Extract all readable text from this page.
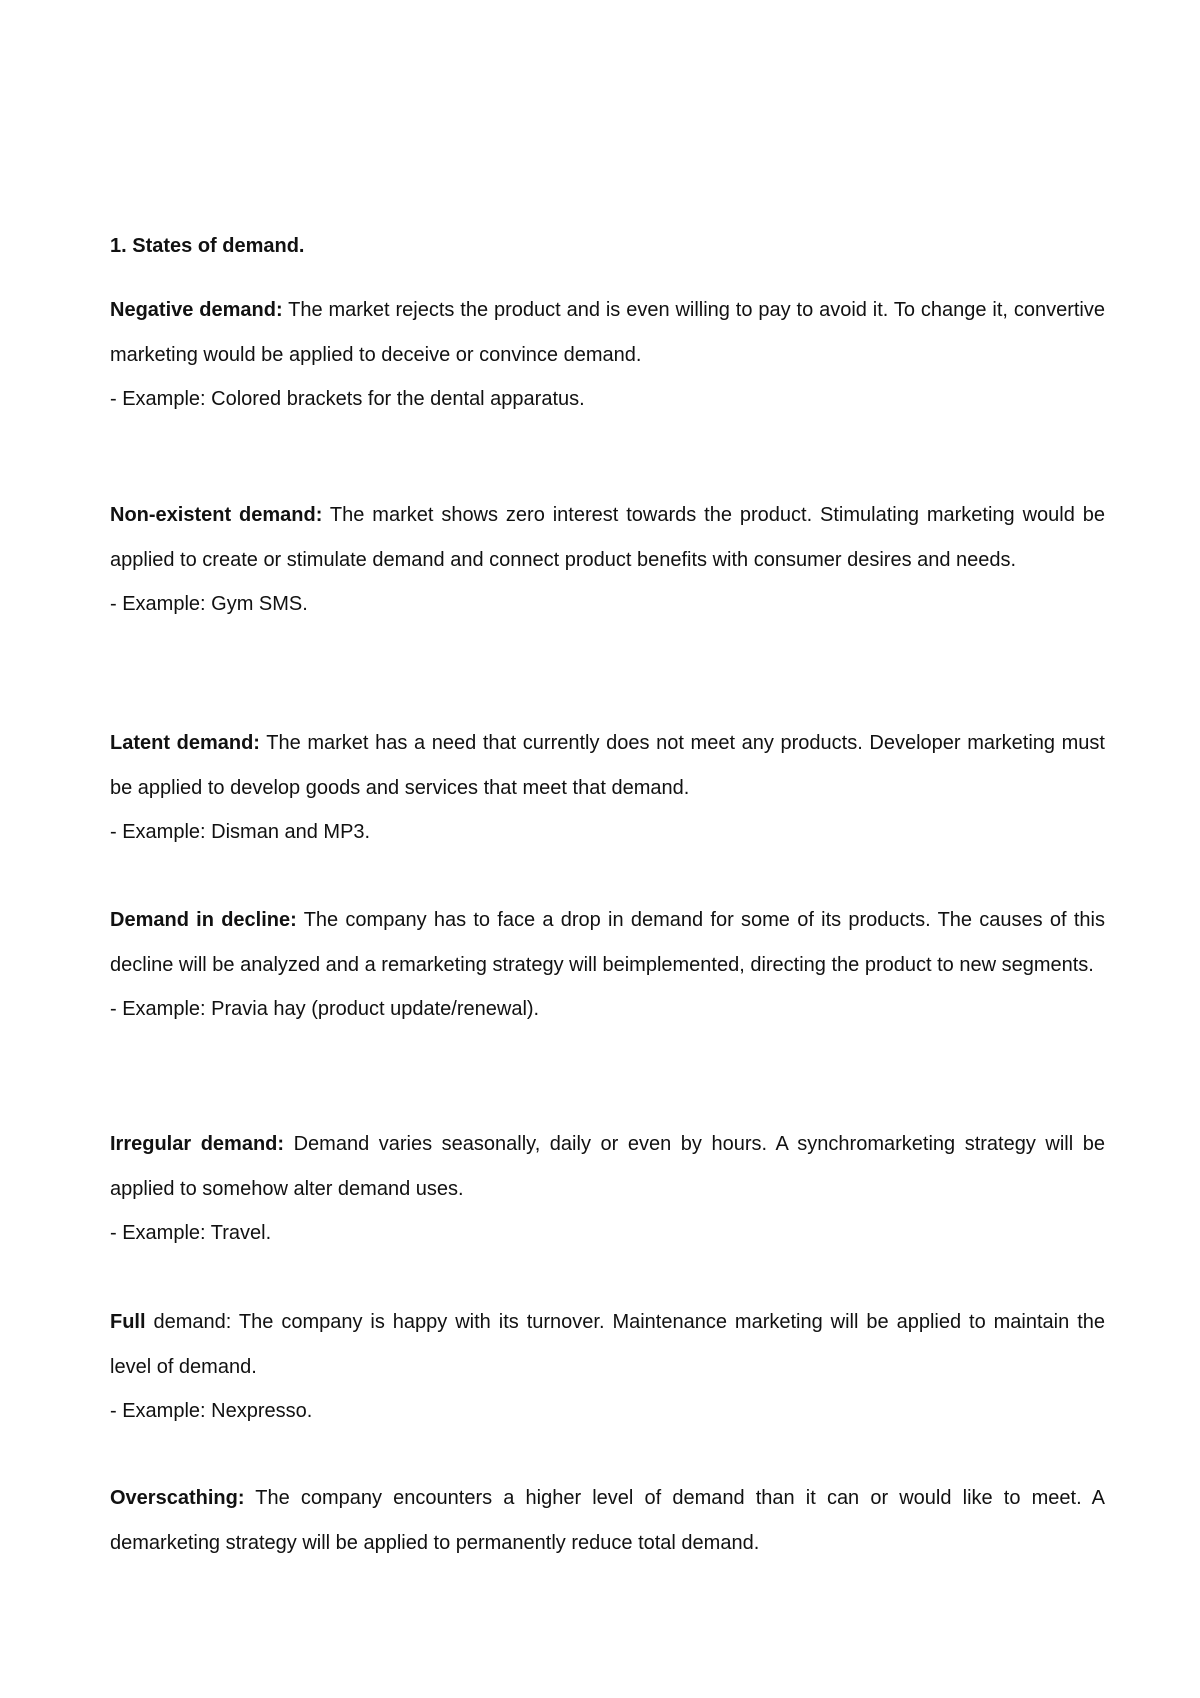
1. States of demand.

Negative demand: The market rejects the product and is even willing to pay to avoid it. To change it, convertive marketing would be applied to deceive or convince demand.

- Example: Colored brackets for the dental apparatus.

Non-existent demand: The market shows zero interest towards the product. Stimulating marketing would be applied to create or stimulate demand and connect product benefits with consumer desires and needs.

- Example: Gym SMS.

Latent demand: The market has a need that currently does not meet any products. Developer marketing must be applied to develop goods and services that meet that demand.

- Example: Disman and MP3.

Demand in decline: The company has to face a drop in demand for some of its products. The causes of this decline will be analyzed and a remarketing strategy will beimplemented, directing the product to new segments.

- Example: Pravia hay (product update/renewal).

Irregular demand: Demand varies seasonally, daily or even by hours. A synchromarketing strategy will be applied to somehow alter demand uses.

- Example: Travel.

Full demand: The company is happy with its turnover. Maintenance marketing will be applied to maintain the level of demand.

- Example: Nexpresso.

Overscathing: The company encounters a higher level of demand than it can or would like to meet. A demarketing strategy will be applied to permanently reduce total demand.
